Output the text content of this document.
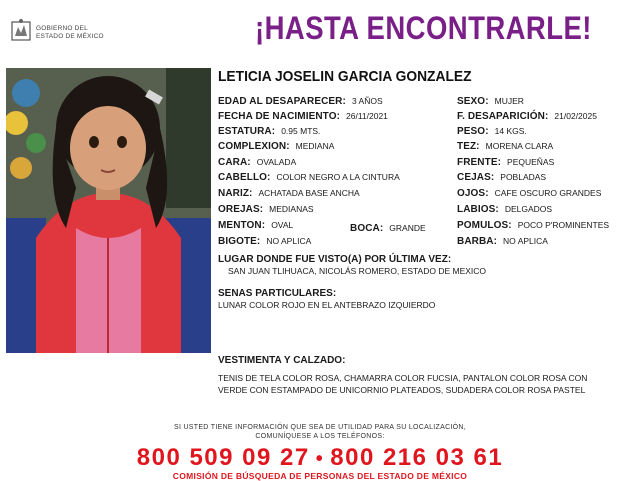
GOBIERNO DEL
ESTADO DE MÉXICO	¡HASTA ENCONTRARLE!
LETICIA JOSELIN GARCIA GONZALEZ
EDAD AL DESAPARECER: 3 AÑOS
FECHA DE NACIMIENTO: 26/11/2021
ESTATURA: 0.95 MTS.
COMPLEXION: MEDIANA
CARA: OVALADA
CABELLO: COLOR NEGRO A LA CINTURA
NARIZ: ACHATADA BASE ANCHA
OREJAS: MEDIANAS
MENTON: OVAL
BIGOTE: NO APLICA
BOCA: GRANDE
SEXO: MUJER
F. DESAPARICIÓN: 21/02/2025
PESO: 14 KGS.
TEZ: MORENA CLARA
FRENTE: PEQUEÑAS
CEJAS: POBLADAS
OJOS: CAFE OSCURO GRANDES
LABIOS: DELGADOS
POMULOS: POCO P'ROMINENTES
BARBA: NO APLICA
LUGAR DONDE FUE VISTO(A) POR ÚLTIMA VEZ:
SAN JUAN TLIHUACA, NICOLÁS ROMERO, ESTADO DE MEXICO
SENAS PARTICULARES:
LUNAR COLOR ROJO EN EL ANTEBRAZO IZQUIERDO
VESTIMENTA Y CALZADO:
TENIS DE TELA COLOR ROSA, CHAMARRA COLOR FUCSIA, PANTALON COLOR ROSA CON VERDE CON ESTAMPADO DE UNICORNIO PLATEADOS, SUDADERA COLOR ROSA PASTEL
SI USTED TIENE INFORMACIÓN QUE SEA DE UTILIDAD PARA SU LOCALIZACIÓN,
COMUNÍQUESE A LOS TELÉFONOS:
800 509 09 27 • 800 216 03 61
COMISIÓN DE BÚSQUEDA DE PERSONAS DEL ESTADO DE MÉXICO
